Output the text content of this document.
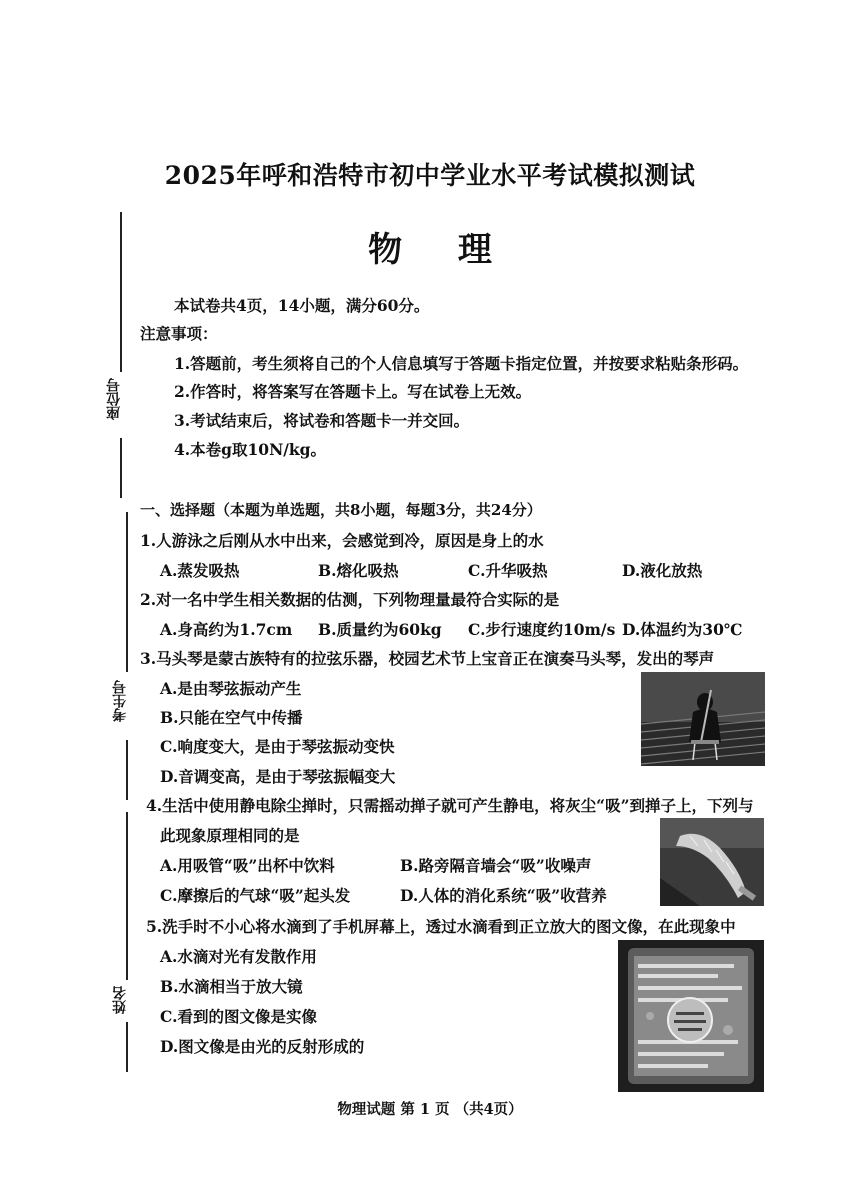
2025年呼和浩特市初中学业水平考试模拟测试
物 理
座位号
考生号
姓名
本试卷共4页，14小题，满分60分。
注意事项：
1.答题前，考生须将自己的个人信息填写于答题卡指定位置，并按要求粘贴条形码。
2.作答时，将答案写在答题卡上。写在试卷上无效。
3.考试结束后，将试卷和答题卡一并交回。
4.本卷g取10N/kg。
一、选择题（本题为单选题，共8小题，每题3分，共24分）
1.人游泳之后刚从水中出来，会感觉到冷，原因是身上的水
A.蒸发吸热	B.熔化吸热	C.升华吸热	D.液化放热
2.对一名中学生相关数据的估测，下列物理量最符合实际的是
A.身高约为1.7cm B.质量约为60kg C.步行速度约10m/s D.体温约为30℃
3.马头琴是蒙古族特有的拉弦乐器，校园艺术节上宝音正在演奏马头琴，发出的琴声
A.是由琴弦振动产生
B.只能在空气中传播
C.响度变大，是由于琴弦振动变快
D.音调变高，是由于琴弦振幅变大
4.生活中使用静电除尘掸时，只需摇动掸子就可产生静电，将灰尘“吸”到掸子上，下列与
此现象原理相同的是
A.用吸管“吸”出杯中饮料	B.路旁隔音墙会“吸”收噪声
C.摩擦后的气球“吸”起头发	D.人体的消化系统“吸”收营养
5.洗手时不小心将水滴到了手机屏幕上，透过水滴看到正立放大的图文像，在此现象中
A.水滴对光有发散作用
B.水滴相当于放大镜
C.看到的图文像是实像
D.图文像是由光的反射形成的
物理试题 第 1 页 （共4页）
